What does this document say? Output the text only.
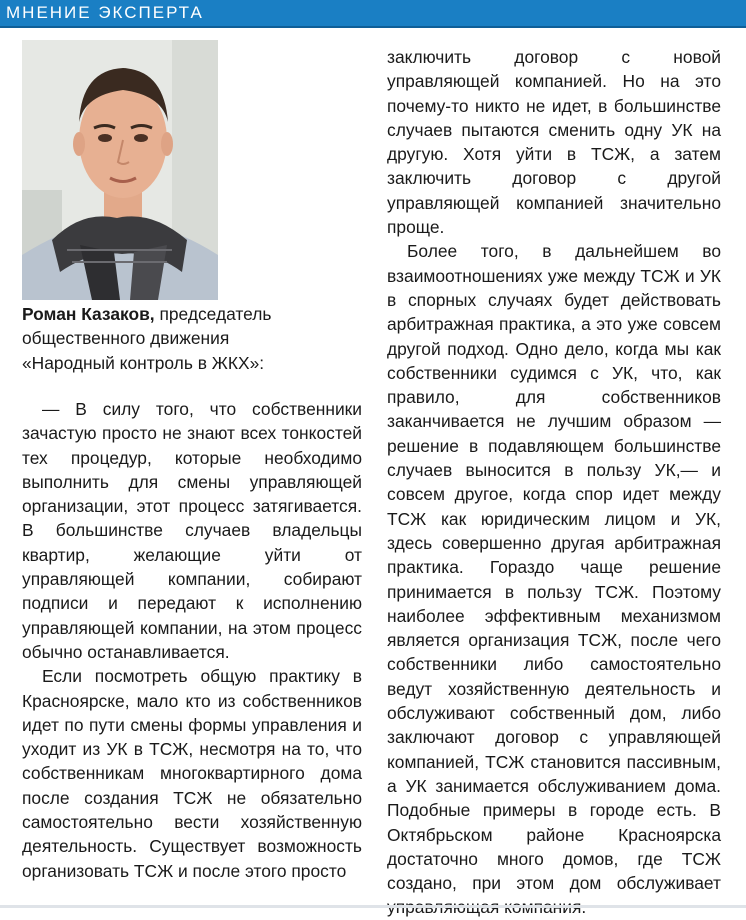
МНЕНИЕ ЭКСПЕРТА
Роман Казаков, председатель
общественного движения
«Народный контроль в ЖКХ»:

— В силу того, что собственники зачастую просто не знают всех тонкостей тех процедур, которые необходимо выполнить для смены управляющей организации, этот процесс затягивается. В большинстве случаев владельцы квартир, желающие уйти от управляющей компании, собирают подписи и передают к исполнению управляющей компании, на этом процесс обычно останавливается.

Если посмотреть общую практику в Красноярске, мало кто из собственников идет по пути смены формы управления и уходит из УК в ТСЖ, несмотря на то, что собственникам многоквартирного дома после создания ТСЖ не обязательно самостоятельно вести хозяйственную деятельность. Существует возможность организовать ТСЖ и после этого просто

заключить договор с новой управляющей компанией. Но на это почему-то никто не идет, в большинстве случаев пытаются сменить одну УК на другую. Хотя уйти в ТСЖ, а затем заключить договор с другой управляющей компанией значительно проще.

Более того, в дальнейшем во взаимоотношениях уже между ТСЖ и УК в спорных случаях будет действовать арбитражная практика, а это уже совсем другой подход. Одно дело, когда мы как собственники судимся с УК, что, как правило, для собственников заканчивается не лучшим образом — решение в подавляющем большинстве случаев выносится в пользу УК,— и совсем другое, когда спор идет между ТСЖ как юридическим лицом и УК, здесь совершенно другая арбитражная практика. Гораздо чаще решение принимается в пользу ТСЖ. Поэтому наиболее эффективным механизмом является организация ТСЖ, после чего собственники либо самостоятельно ведут хозяйственную деятельность и обслуживают собственный дом, либо заключают договор с управляющей компанией, ТСЖ становится пассивным, а УК занимается обслуживанием дома. Подобные примеры в городе есть. В Октябрьском районе Красноярска достаточно много домов, где ТСЖ создано, при этом дом обслуживает
